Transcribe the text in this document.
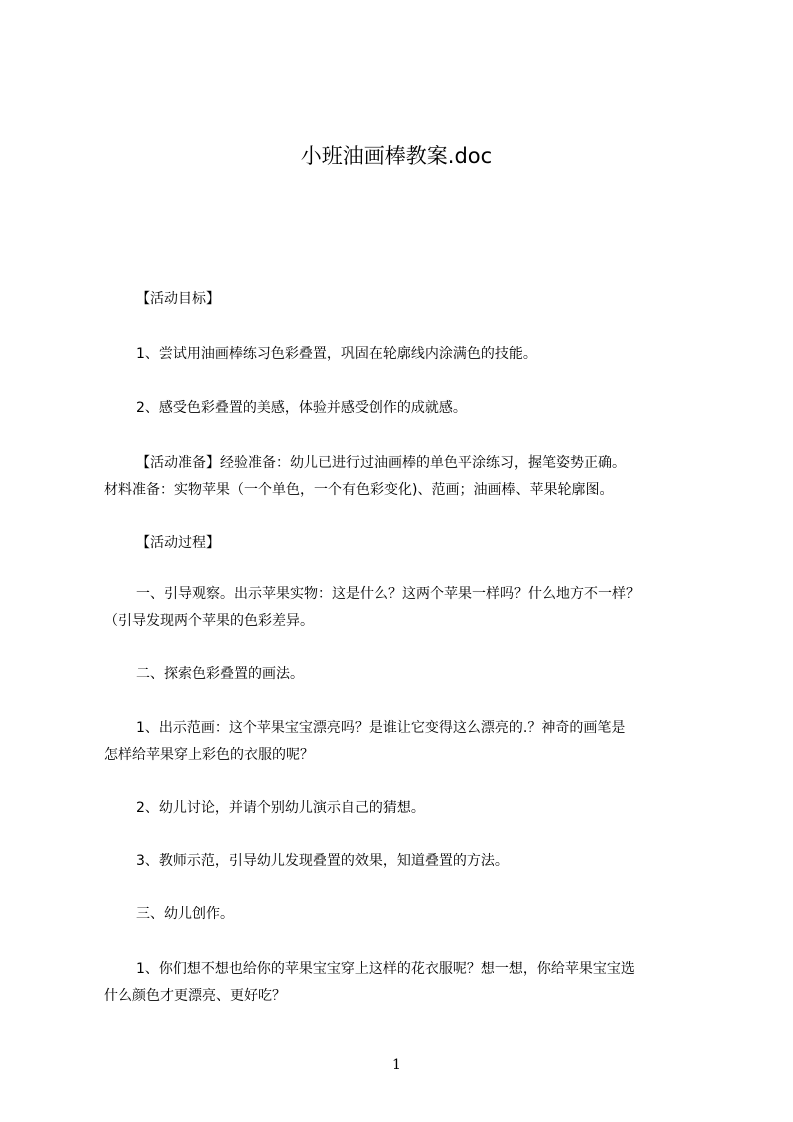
小班油画棒教案.doc
【活动目标】
1、尝试用油画棒练习色彩叠置，巩固在轮廓线内涂满色的技能。
2、感受色彩叠置的美感，体验并感受创作的成就感。
【活动准备】经验准备：幼儿已进行过油画棒的单色平涂练习，握笔姿势正确。
材料准备：实物苹果（一个单色，一个有色彩变化)、范画；油画棒、苹果轮廓图。
【活动过程】
一、引导观察。出示苹果实物：这是什么？这两个苹果一样吗？什么地方不一样？
（引导发现两个苹果的色彩差异。
二、探索色彩叠置的画法。
1、出示范画：这个苹果宝宝漂亮吗？是谁让它变得这么漂亮的.？神奇的画笔是
怎样给苹果穿上彩色的衣服的呢？
2、幼儿讨论，并请个别幼儿演示自己的猜想。
3、教师示范，引导幼儿发现叠置的效果，知道叠置的方法。
三、幼儿创作。
1、你们想不想也给你的苹果宝宝穿上这样的花衣服呢？想一想，你给苹果宝宝选
什么颜色才更漂亮、更好吃？
1
